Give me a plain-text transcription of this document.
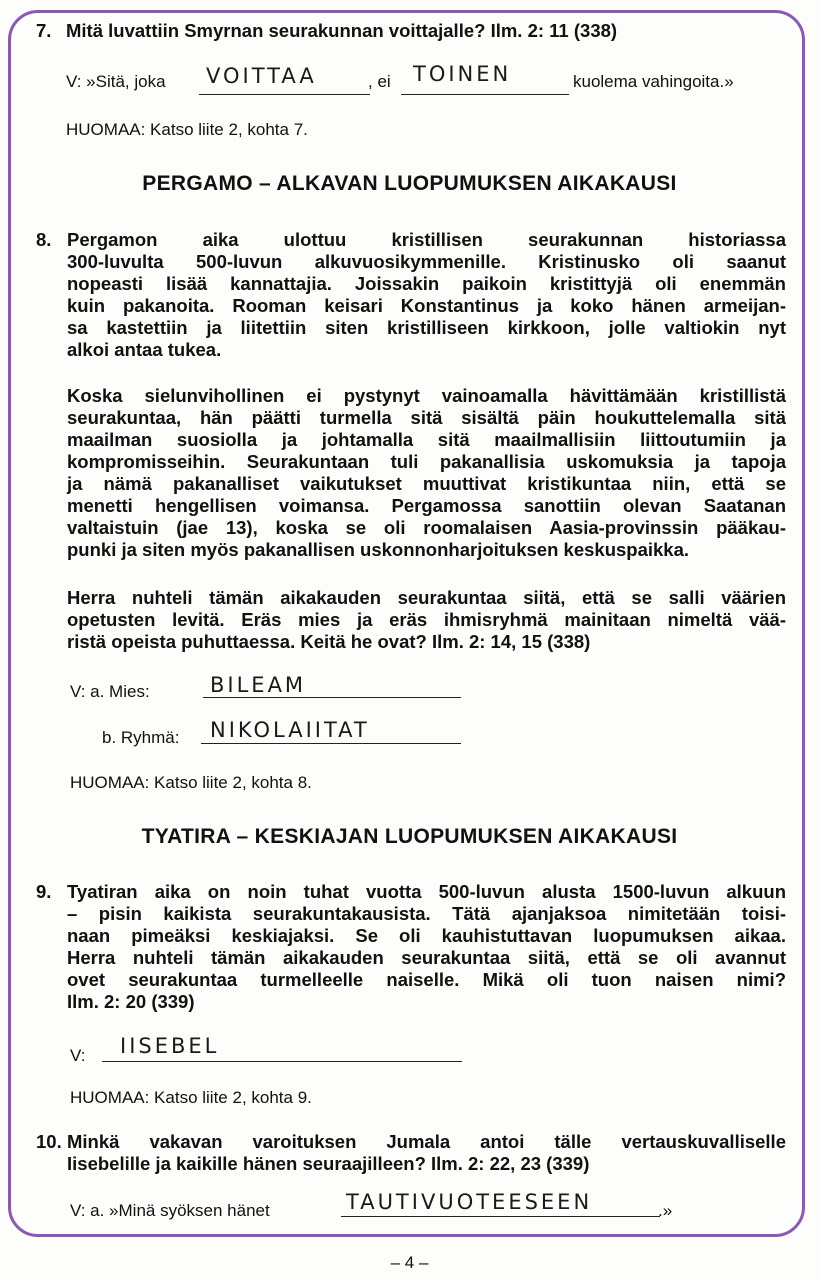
7. Mitä luvattiin Smyrnan seurakunnan voittajalle? Ilm. 2: 11 (338)
V: »Sitä, joka VOITTAA	, ei TOINEN	kuolema vahingoita.»
HUOMAA: Katso liite 2, kohta 7.
PERGAMO – ALKAVAN LUOPUMUKSEN AIKAKAUSI
8. Pergamon aika ulottuu kristillisen seurakunnan historiassa
300-luvulta 500-luvun alkuvuosikymmenille. Kristinusko oli saanut
nopeasti lisää kannattajia. Joissakin paikoin kristittyjä oli enemmän
kuin pakanoita. Rooman keisari Konstantinus ja koko hänen armeijan-
sa kastettiin ja liitettiin siten kristilliseen kirkkoon, jolle valtiokin nyt
alkoi antaa tukea.
Koska sielunvihollinen ei pystynyt vainoamalla hävittämään kristillistä
seurakuntaa, hän päätti turmella sitä sisältä päin houkuttelemalla sitä
maailman suosiolla ja johtamalla sitä maailmallisiin liittoutumiin ja
kompromisseihin. Seurakuntaan tuli pakanallisia uskomuksia ja tapoja
ja nämä pakanalliset vaikutukset muuttivat kristikuntaa niin, että se
menetti hengellisen voimansa. Pergamossa sanottiin olevan Saatanan
valtaistuin (jae 13), koska se oli roomalaisen Aasia-provinssin pääkau-
punki ja siten myös pakanallisen uskonnonharjoituksen keskuspaikka.
Herra nuhteli tämän aikakauden seurakuntaa siitä, että se salli väärien
opetusten levitä. Eräs mies ja eräs ihmisryhmä mainitaan nimeltä vää-
ristä opeista puhuttaessa. Keitä he ovat? Ilm. 2: 14, 15 (338)
V: a. Mies:	BILEAM
b. Ryhmä: NIKOLAIITAT
HUOMAA: Katso liite 2, kohta 8.
TYATIRA – KESKIAJAN LUOPUMUKSEN AIKAKAUSI
9. Tyatiran aika on noin tuhat vuotta 500-luvun alusta 1500-luvun alkuun
– pisin kaikista seurakuntakausista. Tätä ajanjaksoa nimitetään toisi-
naan pimeäksi keskiajaksi. Se oli kauhistuttavan luopumuksen aikaa.
Herra nuhteli tämän aikakauden seurakuntaa siitä, että se oli avannut
ovet seurakuntaa turmelleelle naiselle. Mikä oli tuon naisen nimi?
Ilm. 2: 20 (339)
V: IISEBEL
HUOMAA: Katso liite 2, kohta 9.
10. Minkä vakavan varoituksen Jumala antoi tälle vertauskuvalliselle
Iisebelille ja kaikille hänen seuraajilleen? Ilm. 2: 22, 23 (339)
V: a. »Minä syöksen hänet	TAUTIVUOTEESEEN	.»
– 4 –
